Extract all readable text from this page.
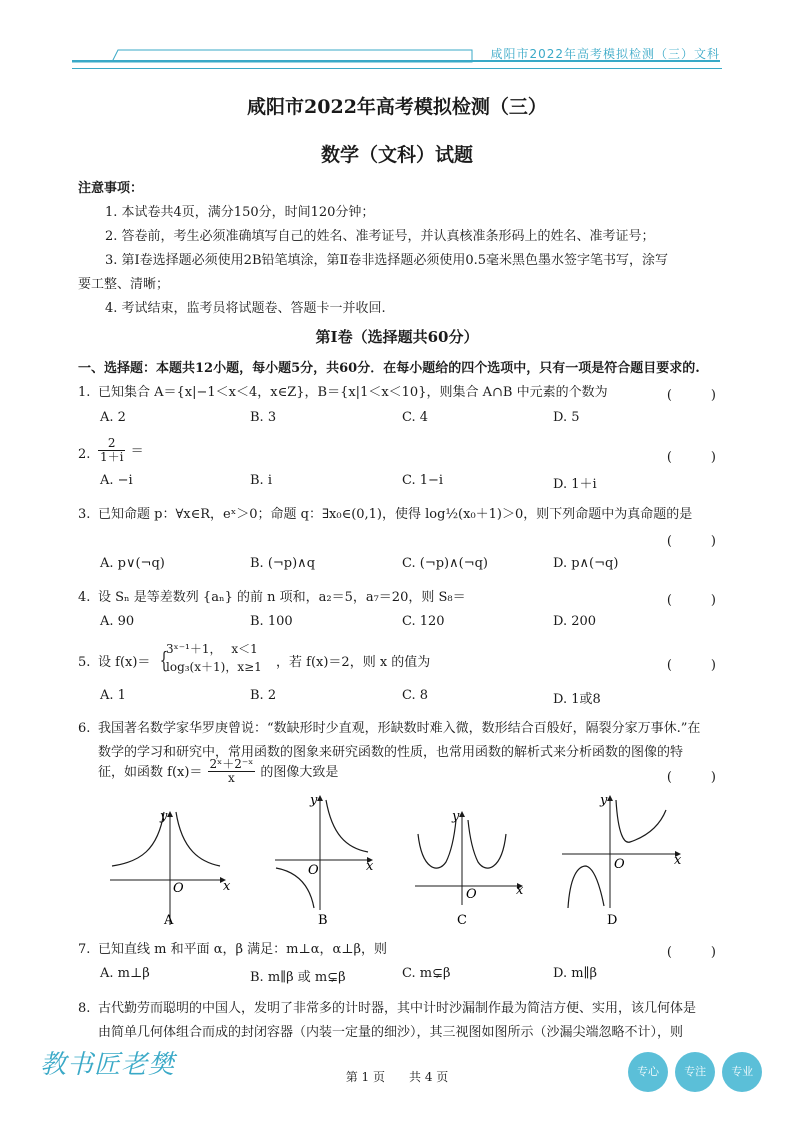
咸阳市2022年高考模拟检测（三）文科
咸阳市2022年高考模拟检测（三）
数学（文科）试题
注意事项：
1. 本试卷共4页，满分150分，时间120分钟；
2. 答卷前，考生必须准确填写自己的姓名、准考证号，并认真核准条形码上的姓名、准考证号；
3. 第Ⅰ卷选择题必须使用2B铅笔填涂，第Ⅱ卷非选择题必须使用0.5毫米黑色墨水签字笔书写，涂写
要工整、清晰；
4. 考试结束，监考员将试题卷、答题卡一并收回.
第Ⅰ卷（选择题共60分）
一、选择题：本题共12小题，每小题5分，共60分．在每小题给的四个选项中，只有一项是符合题目要求的.
1. 已知集合 A＝{x|−1＜x＜4，x∈Z}，B＝{x|1＜x＜10}，则集合 A∩B 中元素的个数为	(　　　)
A. 2	B. 3	C. 4	D. 5
2. $\frac{2}{1+i}$ ＝	(　　　)
A. −i	B. i	C. 1−i	D. 1＋i
3. 已知命题 p：∀x∈R，eˣ＞0；命题 q：∃x₀∈(0,1)，使得 log½(x₀＋1)＞0，则下列命题中为真命题的是
(　　　)
A. p∨(¬q)	B. (¬p)∧q	C. (¬p)∧(¬q)	D. p∧(¬q)
4. 设 Sₙ 是等差数列 {aₙ} 的前 n 项和，a₂＝5，a₇＝20，则 S₈＝	(　　　)
A. 90	B. 100	C. 120	D. 200
5. 设 f(x)＝ {
3ˣ⁻¹＋1，　 x＜1
log₃(x＋1)，x≥1 ，若 f(x)＝2，则 x 的值为	(　　　)
A. 1	B. 2	C. 8	D. 1或8
6. 我国著名数学家华罗庚曾说：“数缺形时少直观，形缺数时难入微，数形结合百般好，隔裂分家万事休.”在
数学的学习和研究中，常用函数的图象来研究函数的性质，也常用函数的解析式来分析函数的图像的特
征，如函数 $f(x)= \frac{\text{2ˣ＋2⁻ˣ}}{x}$ 的图像大致是	(　　　)
y
x
O
A
y
x
O
B
y
x
O
C
y
x
O
D
7. 已知直线 m 和平面 α，β 满足：m⊥α，α⊥β，则	(　　　)
A. m⊥β	B. m∥β 或 m⊊β	C. m⊊β	D. m∥β
8. 古代勤劳而聪明的中国人，发明了非常多的计时器，其中计时沙漏制作最为简洁方便、实用，该几何体是
由简单几何体组合而成的封闭容器（内装一定量的细沙），其三视图如图所示（沙漏尖端忽略不计），则
教书匠老樊	第 1 页　　共 4 页	专心 专注 专业
